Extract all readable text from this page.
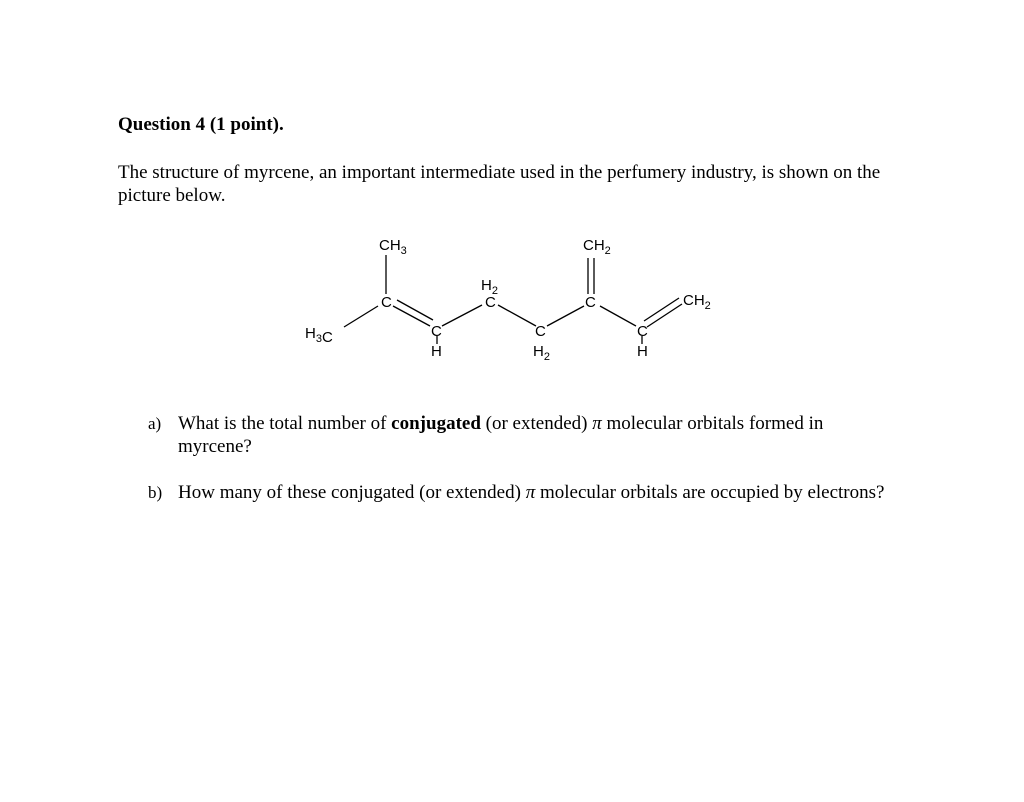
Question 4 (1 point).
The structure of myrcene, an important intermediate used in the perfumery industry, is shown on the picture below.
$CH_3$	$CH_2$
$H_2$
C
C	C	$CH_2$
$H_3C$	C
H
C
$H_2$
C
H
a) What is the total number of conjugated (or extended) π molecular orbitals formed in myrcene?
b) How many of these conjugated (or extended) π molecular orbitals are occupied by electrons?
